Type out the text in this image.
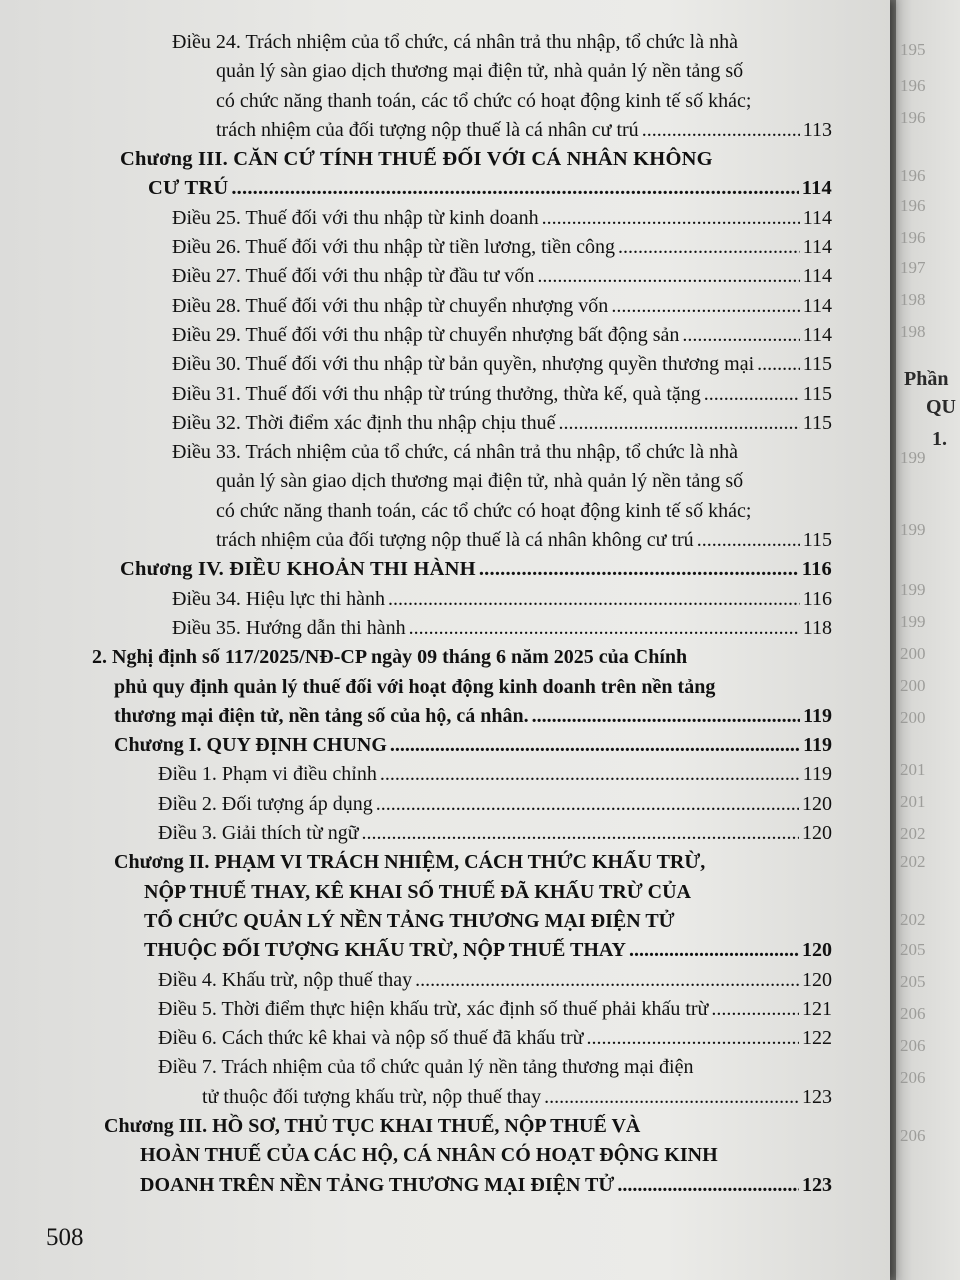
Phần
QU
1.
195
196
196
196
196
196
197
198
198
199
199
199
199
200
200
200
201
201
202
202
202
205
205
206
206
206
206
Điều 24. Trách nhiệm của tổ chức, cá nhân trả thu nhập, tổ chức là nhà
quản lý sàn giao dịch thương mại điện tử, nhà quản lý nền tảng số
có chức năng thanh toán, các tổ chức có hoạt động kinh tế số khác;
trách nhiệm của đối tượng nộp thuế là cá nhân cư trú .....	113
Chương III. CĂN CỨ TÍNH THUẾ ĐỐI VỚI CÁ NHÂN KHÔNG
CƯ TRÚ .....	114
Điều 25. Thuế đối với thu nhập từ kinh doanh .....	114
Điều 26. Thuế đối với thu nhập từ tiền lương, tiền công .....	114
Điều 27. Thuế đối với thu nhập từ đầu tư vốn .....	114
Điều 28. Thuế đối với thu nhập từ chuyển nhượng vốn .....	114
Điều 29. Thuế đối với thu nhập từ chuyển nhượng bất động sản .....	114
Điều 30. Thuế đối với thu nhập từ bản quyền, nhượng quyền thương mại ..... 115
Điều 31. Thuế đối với thu nhập từ trúng thưởng, thừa kế, quà tặng .....	115
Điều 32. Thời điểm xác định thu nhập chịu thuế .....	115
Điều 33. Trách nhiệm của tổ chức, cá nhân trả thu nhập, tổ chức là nhà
quản lý sàn giao dịch thương mại điện tử, nhà quản lý nền tảng số
có chức năng thanh toán, các tổ chức có hoạt động kinh tế số khác;
trách nhiệm của đối tượng nộp thuế là cá nhân không cư trú .....	115
Chương IV. ĐIỀU KHOẢN THI HÀNH .....	116
Điều 34. Hiệu lực thi hành .....	116
Điều 35. Hướng dẫn thi hành .....	118
2. Nghị định số 117/2025/NĐ-CP ngày 09 tháng 6 năm 2025 của Chính
phủ quy định quản lý thuế đối với hoạt động kinh doanh trên nền tảng
thương mại điện tử, nền tảng số của hộ, cá nhân. .....	119
Chương I. QUY ĐỊNH CHUNG .....	119
Điều 1. Phạm vi điều chỉnh .....	119
Điều 2. Đối tượng áp dụng .....	120
Điều 3. Giải thích từ ngữ .....	120
Chương II. PHẠM VI TRÁCH NHIỆM, CÁCH THỨC KHẤU TRỪ,
NỘP THUẾ THAY, KÊ KHAI SỐ THUẾ ĐÃ KHẤU TRỪ CỦA
TỔ CHỨC QUẢN LÝ NỀN TẢNG THƯƠNG MẠI ĐIỆN TỬ
THUỘC ĐỐI TƯỢNG KHẤU TRỪ, NỘP THUẾ THAY .....	120
Điều 4. Khấu trừ, nộp thuế thay .....	120
Điều 5. Thời điểm thực hiện khấu trừ, xác định số thuế phải khấu trừ .....	121
Điều 6. Cách thức kê khai và nộp số thuế đã khấu trừ .....	122
Điều 7. Trách nhiệm của tổ chức quản lý nền tảng thương mại điện
tử thuộc đối tượng khấu trừ, nộp thuế thay .....	123
Chương III. HỒ SƠ, THỦ TỤC KHAI THUẾ, NỘP THUẾ VÀ
HOÀN THUẾ CỦA CÁC HỘ, CÁ NHÂN CÓ HOẠT ĐỘNG KINH
DOANH TRÊN NỀN TẢNG THƯƠNG MẠI ĐIỆN TỬ .....	123
508
